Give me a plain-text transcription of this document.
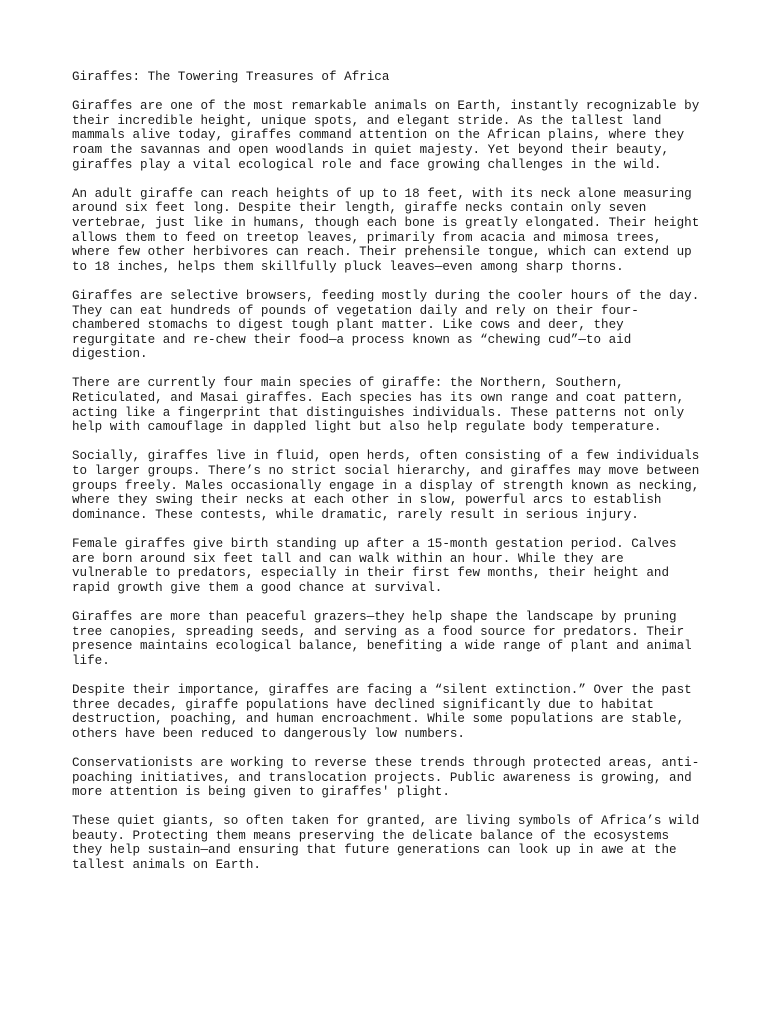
Giraffes: The Towering Treasures of Africa

Giraffes are one of the most remarkable animals on Earth, instantly recognizable by
their incredible height, unique spots, and elegant stride. As the tallest land
mammals alive today, giraffes command attention on the African plains, where they
roam the savannas and open woodlands in quiet majesty. Yet beyond their beauty,
giraffes play a vital ecological role and face growing challenges in the wild.

An adult giraffe can reach heights of up to 18 feet, with its neck alone measuring
around six feet long. Despite their length, giraffe necks contain only seven
vertebrae, just like in humans, though each bone is greatly elongated. Their height
allows them to feed on treetop leaves, primarily from acacia and mimosa trees,
where few other herbivores can reach. Their prehensile tongue, which can extend up
to 18 inches, helps them skillfully pluck leaves—even among sharp thorns.

Giraffes are selective browsers, feeding mostly during the cooler hours of the day.
They can eat hundreds of pounds of vegetation daily and rely on their four-
chambered stomachs to digest tough plant matter. Like cows and deer, they
regurgitate and re-chew their food—a process known as “chewing cud”—to aid
digestion.

There are currently four main species of giraffe: the Northern, Southern,
Reticulated, and Masai giraffes. Each species has its own range and coat pattern,
acting like a fingerprint that distinguishes individuals. These patterns not only
help with camouflage in dappled light but also help regulate body temperature.

Socially, giraffes live in fluid, open herds, often consisting of a few individuals
to larger groups. There’s no strict social hierarchy, and giraffes may move between
groups freely. Males occasionally engage in a display of strength known as necking,
where they swing their necks at each other in slow, powerful arcs to establish
dominance. These contests, while dramatic, rarely result in serious injury.

Female giraffes give birth standing up after a 15-month gestation period. Calves
are born around six feet tall and can walk within an hour. While they are
vulnerable to predators, especially in their first few months, their height and
rapid growth give them a good chance at survival.

Giraffes are more than peaceful grazers—they help shape the landscape by pruning
tree canopies, spreading seeds, and serving as a food source for predators. Their
presence maintains ecological balance, benefiting a wide range of plant and animal
life.

Despite their importance, giraffes are facing a “silent extinction.” Over the past
three decades, giraffe populations have declined significantly due to habitat
destruction, poaching, and human encroachment. While some populations are stable,
others have been reduced to dangerously low numbers.

Conservationists are working to reverse these trends through protected areas, anti-
poaching initiatives, and translocation projects. Public awareness is growing, and
more attention is being given to giraffes' plight.

These quiet giants, so often taken for granted, are living symbols of Africa’s wild
beauty. Protecting them means preserving the delicate balance of the ecosystems
they help sustain—and ensuring that future generations can look up in awe at the
tallest animals on Earth.
